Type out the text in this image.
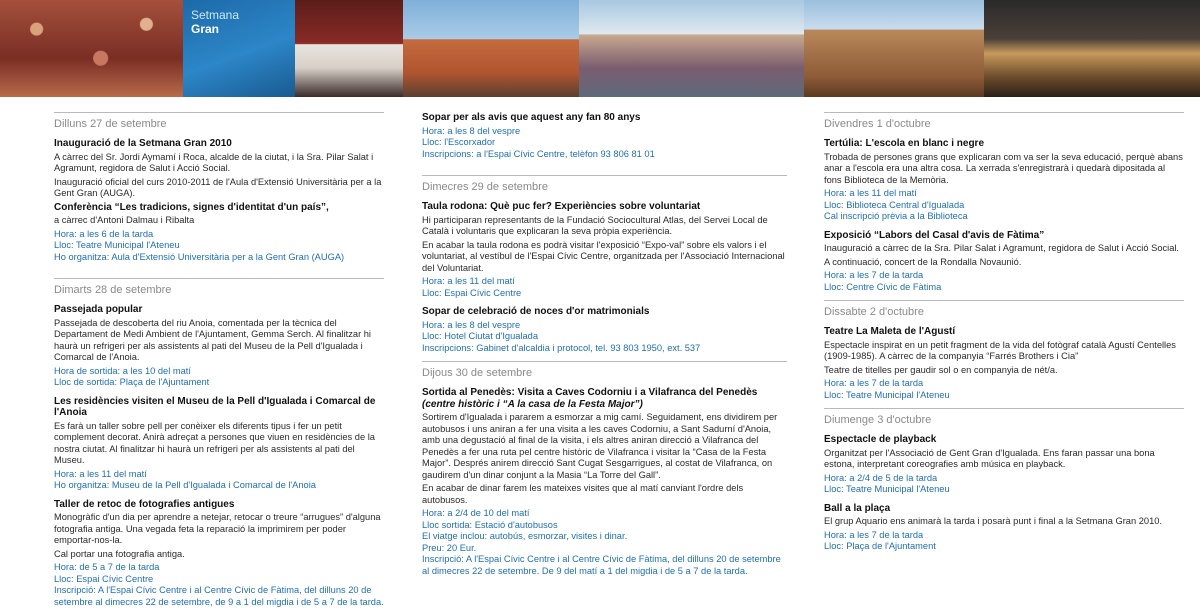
Setmana
Gran
Dilluns 27 de setembre
Inauguració de la Setmana Gran 2010
A càrrec del Sr. Jordi Aymamí i Roca, alcalde de la ciutat, i la Sra. Pilar Salat i Agramunt, regidora de Salut i Acció Social.
Inauguració oficial del curs 2010-2011 de l'Aula d'Extensió Universitària per a la Gent Gran (AUGA).
Conferència “Les tradicions, signes d'identitat d'un país”,
a càrrec d'Antoni Dalmau i Ribalta
Hora: a les 6 de la tarda
Lloc: Teatre Municipal l'Ateneu
Ho organitza: Aula d'Extensió Universitària per a la Gent Gran (AUGA)
Dimarts 28 de setembre
Passejada popular
Passejada de descoberta del riu Anoia, comentada per la tècnica del Departament de Medi Ambient de l'Ajuntament, Gemma Serch. Al finalitzar hi haurà un refrigeri per als assistents al pati del Museu de la Pell d'Igualada i Comarcal de l'Anoia.
Hora de sortida: a les 10 del matí
Lloc de sortida: Plaça de l'Ajuntament
Les residències visiten el Museu de la Pell d'Igualada i Comarcal de l'Anoia
Es farà un taller sobre pell per conèixer els diferents tipus i fer un petit complement decorat. Anirà adreçat a persones que viuen en residències de la nostra ciutat. Al finalitzar hi haurà un refrigeri per als assistents al pati del Museu.
Hora: a les 11 del matí
Ho organitza: Museu de la Pell d'Igualada i Comarcal de l'Anoia
Taller de retoc de fotografies antigues
Monogràfic d'un dia per aprendre a netejar, retocar o treure “arrugues” d'alguna fotografia antiga. Una vegada feta la reparació la imprimirem per poder emportar-nos-la.
Cal portar una fotografia antiga.
Hora: de 5 a 7 de la tarda
Lloc: Espai Cívic Centre
Inscripció: A l'Espai Cívic Centre i al Centre Cívic de Fàtima, del dilluns 20 de setembre al dimecres 22 de setembre, de 9 a 1 del migdia i de 5 a 7 de la tarda.
Sopar per als avis que aquest any fan 80 anys
Hora: a les 8 del vespre
Lloc: l'Escorxador
Inscripcions: a l'Espai Cívic Centre, telèfon 93 806 81 01
Dimecres 29 de setembre
Taula rodona: Què puc fer? Experiències sobre voluntariat
Hi participaran representants de la Fundació Sociocultural Atlas, del Servei Local de Català i voluntaris que explicaran la seva pròpia experiència.
En acabar la taula rodona es podrà visitar l'exposició “Expo-val” sobre els valors i el voluntariat, al vestíbul de l'Espai Cívic Centre, organitzada per l'Associació Internacional del Voluntariat.
Hora: a les 11 del matí
Lloc: Espai Cívic Centre
Sopar de celebració de noces d'or matrimonials
Hora: a les 8 del vespre
Lloc: Hotel Ciutat d'Igualada
Inscripcions: Gabinet d'alcaldia i protocol, tel. 93 803 1950, ext. 537
Dijous 30 de setembre
Sortida al Penedès: Visita a Caves Codorniu i a Vilafranca del Penedès (centre històric i “A la casa de la Festa Major”)
Sortirem d'Igualada i pararem a esmorzar a mig camí. Seguidament, ens dividirem per autobusos i uns aniran a fer una visita a les caves Codorniu, a Sant Sadurní d'Anoia, amb una degustació al final de la visita, i els altres aniran direcció a Vilafranca del Penedès a fer una ruta pel centre històric de Vilafranca i visitar la “Casa de la Festa Major”. Després anirem direcció Sant Cugat Sesgarrigues, al costat de Vilafranca, on gaudirem d'un dinar conjunt a la Masia “La Torre del Gall”.
En acabar de dinar farem les mateixes visites que al matí canviant l'ordre dels autobusos.
Hora: a 2/4 de 10 del matí
Lloc sortida: Estació d'autobusos
El viatge inclou: autobús, esmorzar, visites i dinar.
Preu: 20 Eur.
Inscripció: A l'Espai Cívic Centre i al Centre Cívic de Fàtima, del dilluns 20 de setembre al dimecres 22 de setembre. De 9 del matí a 1 del migdia i de 5 a 7 de la tarda.
Divendres 1 d'octubre
Tertúlia: L'escola en blanc i negre
Trobada de persones grans que explicaran com va ser la seva educació, perquè abans anar a l'escola era una altra cosa. La xerrada s'enregistrarà i quedarà dipositada al fons Biblioteca de la Memòria.
Hora: a les 11 del matí
Lloc: Biblioteca Central d'Igualada
Cal inscripció prèvia a la Biblioteca
Exposició “Labors del Casal d'avis de Fàtima”
Inauguració a càrrec de la Sra. Pilar Salat i Agramunt, regidora de Salut i Acció Social.
A continuació, concert de la Rondalla Novaunió.
Hora: a les 7 de la tarda
Lloc: Centre Cívic de Fàtima
Dissabte 2 d'octubre
Teatre La Maleta de l'Agustí
Espectacle inspirat en un petit fragment de la vida del fotògraf català Agustí Centelles (1909-1985). A càrrec de la companyia “Farrés Brothers i Cia”
Teatre de titelles per gaudir sol o en companyia de nét/a.
Hora: a les 7 de la tarda
Lloc: Teatre Municipal l'Ateneu
Diumenge 3 d'octubre
Espectacle de playback
Organitzat per l'Associació de Gent Gran d'Igualada. Ens faran passar una bona estona, interpretant coreografies amb música en playback.
Hora: a 2/4 de 5 de la tarda
Lloc: Teatre Municipal l'Ateneu
Ball a la plaça
El grup Aquario ens animarà la tarda i posarà punt i final a la Setmana Gran 2010.
Hora: a les 7 de la tarda
Lloc: Plaça de l'Ajuntament
